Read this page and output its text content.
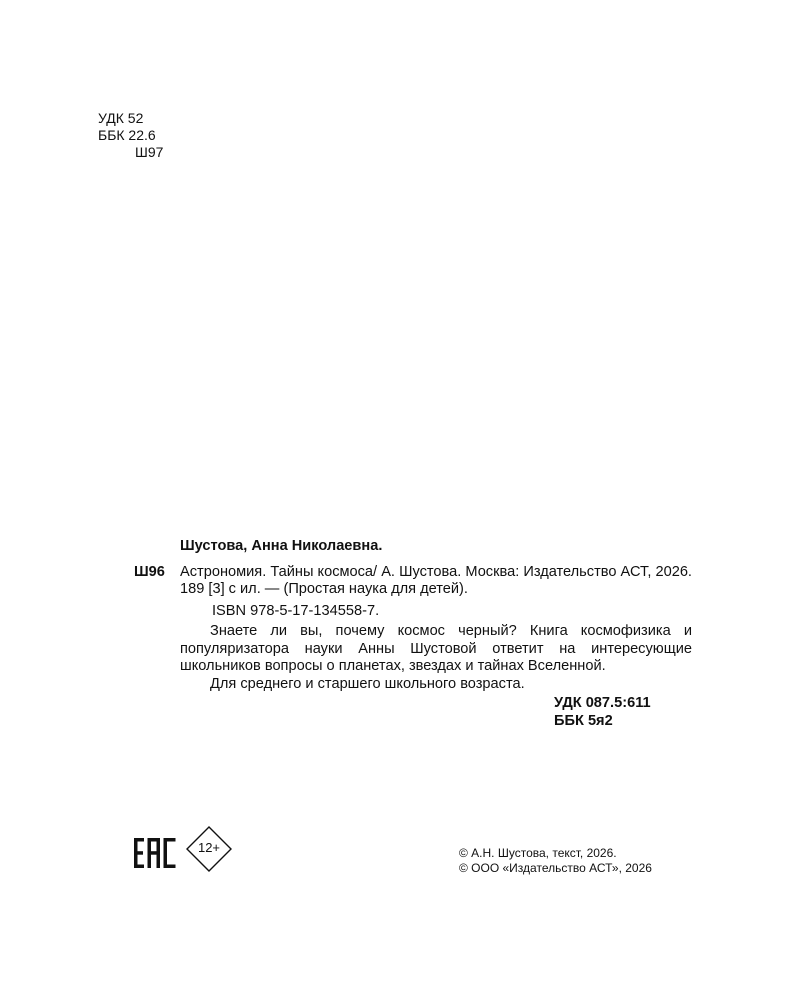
УДК 52
ББК 22.6
Ш97
Шустова, Анна Николаевна.
Ш96 Астрономия. Тайны космоса/ А. Шустова. Москва: Издательство АСТ, 2026. 189 [3] с ил. — (Простая наука для детей).
ISBN 978-5-17-134558-7.
Знаете ли вы, почему космос черный? Книга космофизика и популяризатора науки Анны Шустовой ответит на интересующие школьников вопросы о планетах, звездах и тайнах Вселенной.
Для среднего и старшего школьного возраста.
УДК 087.5:611
ББК 5я2
12+	© А.Н. Шустова, текст, 2026.
© ООО «Издательство АСТ», 2026
